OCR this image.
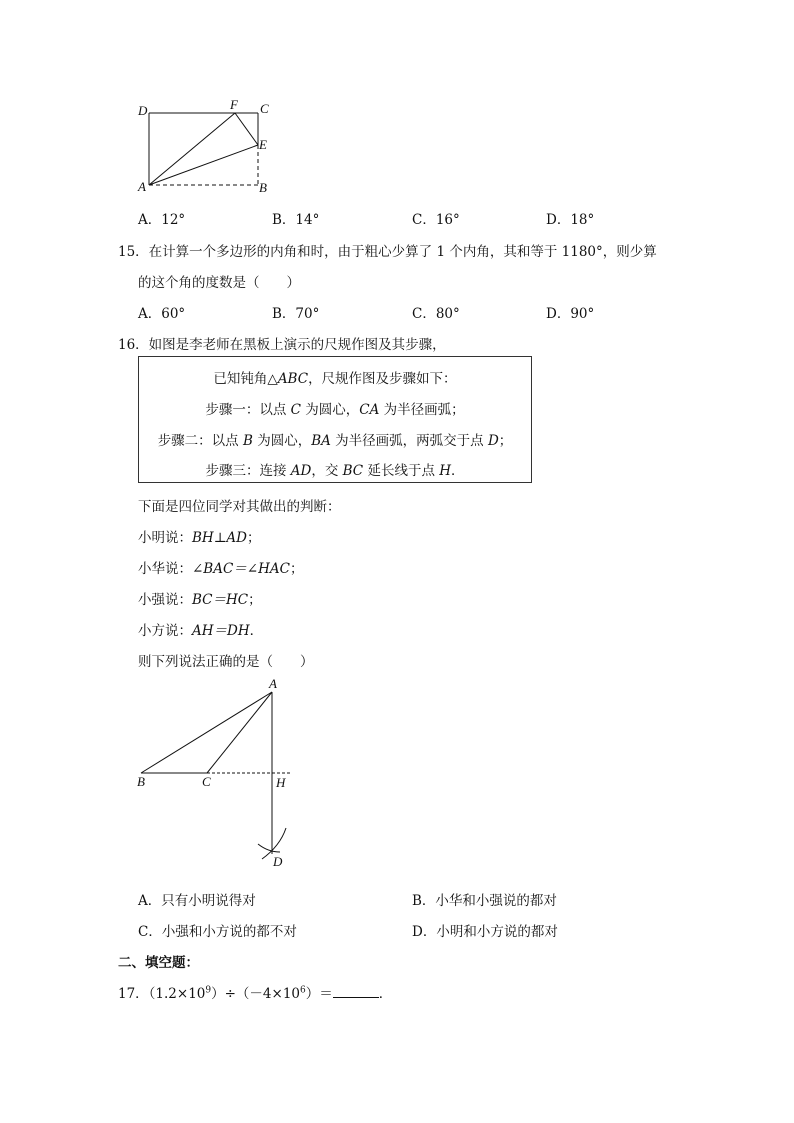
D	F C
E
A	B
A．12°	B．14°	C．16°	D．18°
15．在计算一个多边形的内角和时，由于粗心少算了 1 个内角，其和等于 1180°，则少算
的这个角的度数是（　　）
A．60°	B．70°	C．80°	D．90°
16．如图是李老师在黑板上演示的尺规作图及其步骤，
已知钝角△ABC，尺规作图及步骤如下：
步骤一：以点 C 为圆心，CA 为半径画弧；
步骤二：以点 B 为圆心，BA 为半径画弧，两弧交于点 D；
步骤三：连接 AD，交 BC 延长线于点 H．
下面是四位同学对其做出的判断：
小明说：BH⊥AD；
小华说：∠BAC＝∠HAC；
小强说：BC＝HC；
小方说：AH＝DH．
则下列说法正确的是（　　）
A
B	C	H
D
A．只有小明说得对	B．小华和小强说的都对
C．小强和小方说的都不对	D．小明和小方说的都对
二、填空题：
17．$(1.2\times 10^9)\div(-4\times 10^6)=$	．
